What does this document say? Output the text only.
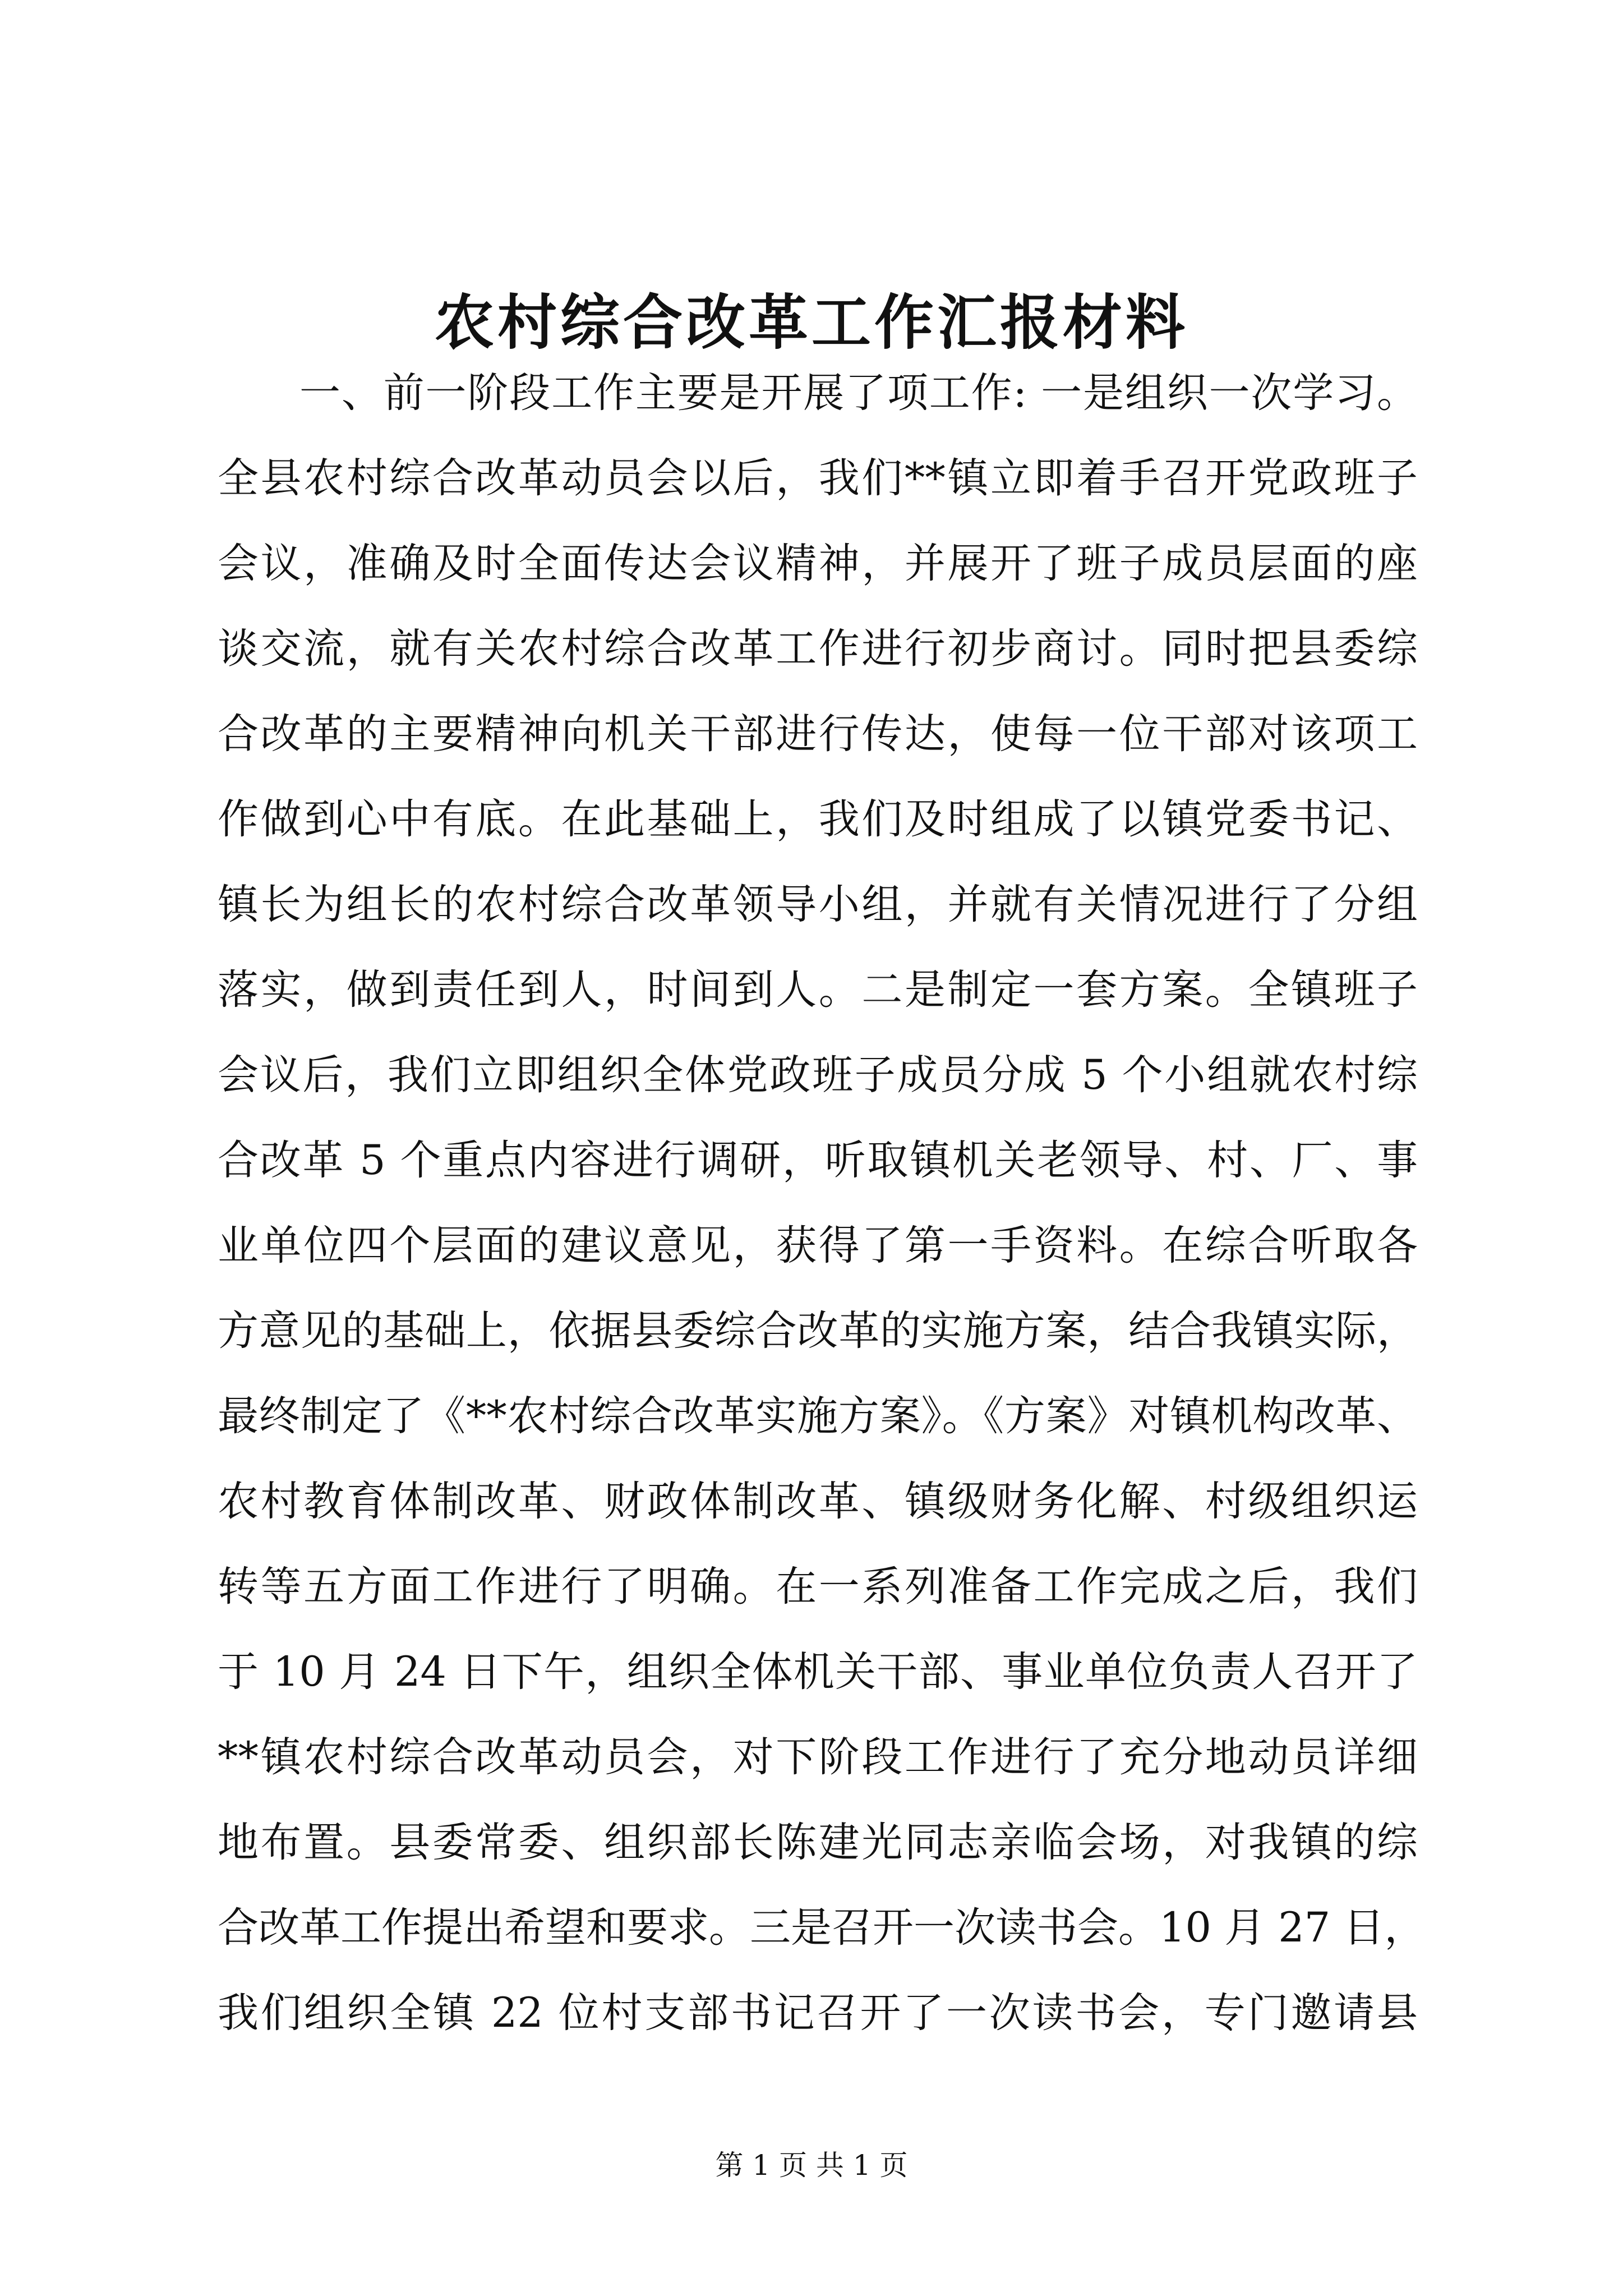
农村综合改革工作汇报材料
一、前一阶段工作主要是开展了项工作: 一是组织一次学习。
全县农村综合改革动员会以后，我们**镇立即着手召开党政班子
会议，准确及时全面传达会议精神，并展开了班子成员层面的座
谈交流，就有关农村综合改革工作进行初步商讨。同时把县委综
合改革的主要精神向机关干部进行传达，使每一位干部对该项工
作做到心中有底。在此基础上，我们及时组成了以镇党委书记、
镇长为组长的农村综合改革领导小组，并就有关情况进行了分组
落实，做到责任到人，时间到人。二是制定一套方案。全镇班子
会议后，我们立即组织全体党政班子成员分成 5 个小组就农村综
合改革 5 个重点内容进行调研，听取镇机关老领导、村、厂、事
业单位四个层面的建议意见，获得了第一手资料。在综合听取各
方意见的基础上，依据县委综合改革的实施方案，结合我镇实际，
最终制定了《**农村综合改革实施方案》。《方案》对镇机构改革、
农村教育体制改革、财政体制改革、镇级财务化解、村级组织运
转等五方面工作进行了明确。在一系列准备工作完成之后，我们
于 10 月 24 日下午，组织全体机关干部、事业单位负责人召开了
**镇农村综合改革动员会，对下阶段工作进行了充分地动员详细
地布置。县委常委、组织部长陈建光同志亲临会场，对我镇的综
合改革工作提出希望和要求。三是召开一次读书会。10 月 27 日，
我们组织全镇 22 位村支部书记召开了一次读书会，专门邀请县
第 1 页 共 1 页
